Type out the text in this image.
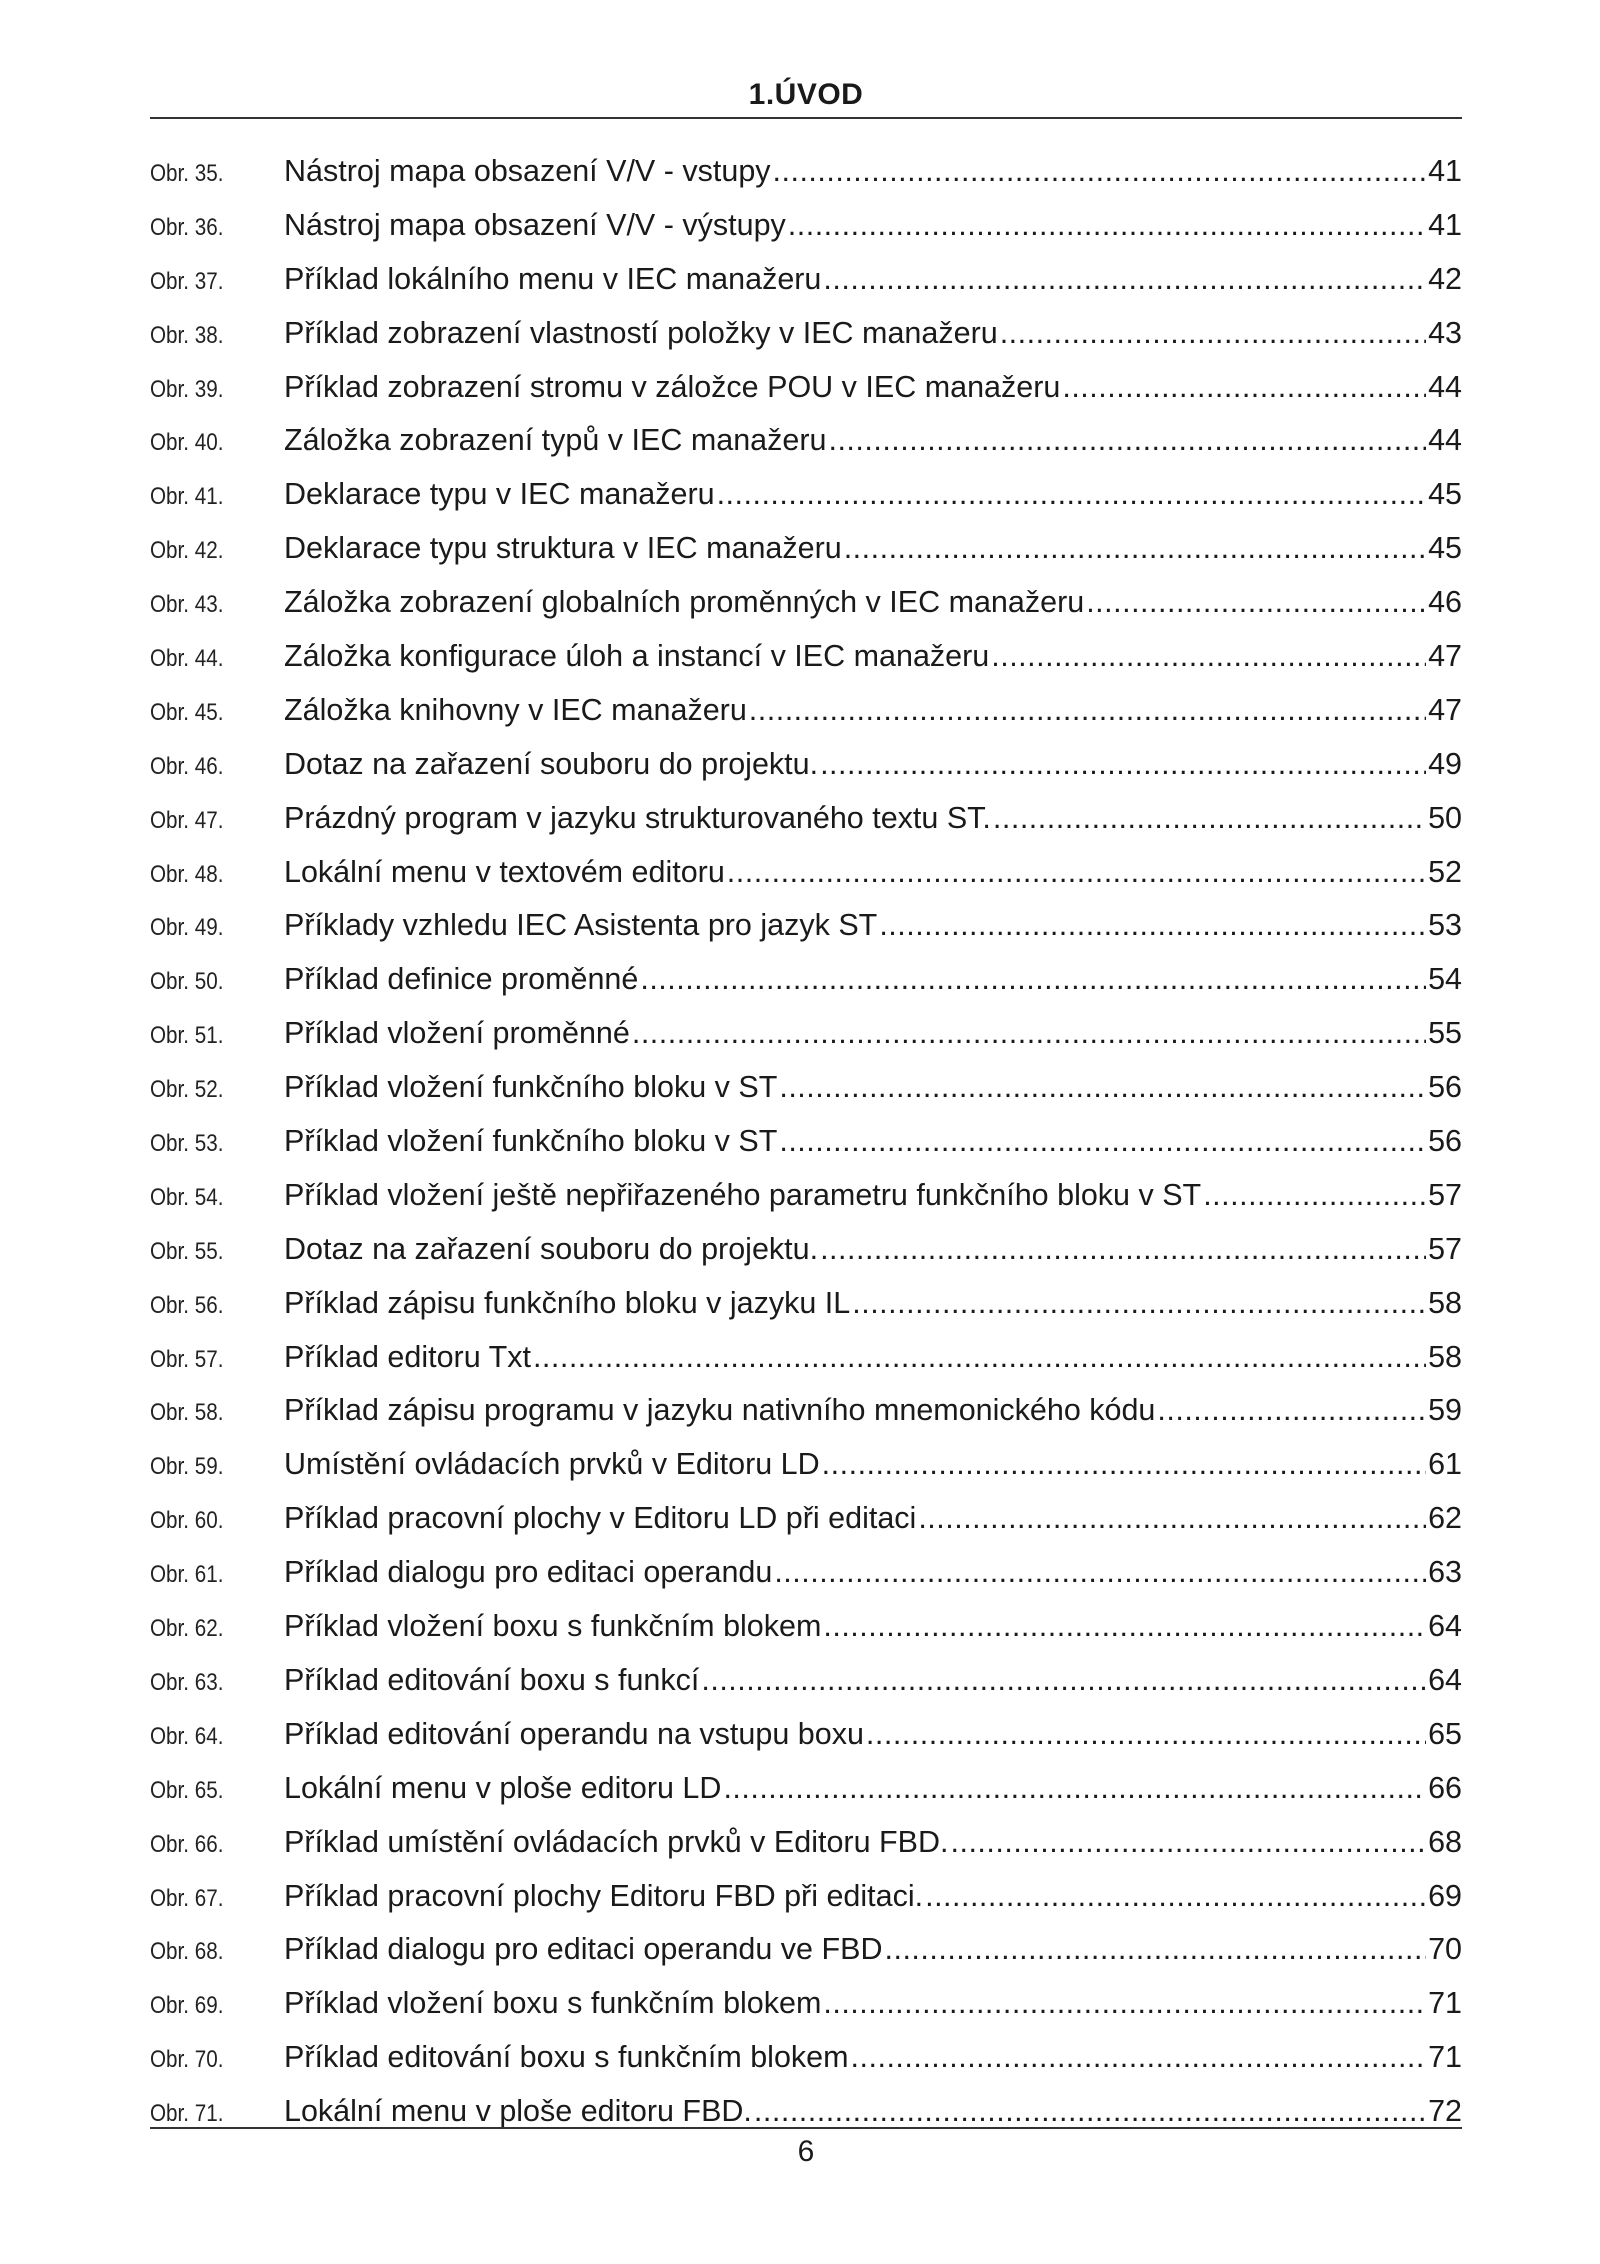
1.ÚVOD
Obr. 35.	Nástroj mapa obsazení V/V - vstupy .....	41
Obr. 36.	Nástroj mapa obsazení V/V - výstupy .....	41
Obr. 37.	Příklad lokálního menu v IEC manažeru .....	42
Obr. 38.	Příklad zobrazení vlastností položky v IEC manažeru .....	43
Obr. 39.	Příklad zobrazení stromu v záložce POU v IEC manažeru .....	44
Obr. 40.	Záložka zobrazení typů v IEC manažeru .....	44
Obr. 41.	Deklarace typu v IEC manažeru .....	45
Obr. 42.	Deklarace typu struktura v IEC manažeru .....	45
Obr. 43.	Záložka zobrazení globalních proměnných v IEC manažeru .....	46
Obr. 44.	Záložka konfigurace úloh a instancí v IEC manažeru .....	47
Obr. 45.	Záložka knihovny v IEC manažeru .....	47
Obr. 46.	Dotaz na zařazení souboru do projektu. .....	49
Obr. 47.	Prázdný program v jazyku strukturovaného textu ST. .....	50
Obr. 48.	Lokální menu v textovém editoru .....	52
Obr. 49.	Příklady vzhledu IEC Asistenta pro jazyk ST .....	53
Obr. 50.	Příklad definice proměnné .....	54
Obr. 51.	Příklad vložení proměnné .....	55
Obr. 52.	Příklad vložení funkčního bloku v ST .....	56
Obr. 53.	Příklad vložení funkčního bloku v ST .....	56
Obr. 54.	Příklad vložení ještě nepřiřazeného parametru funkčního bloku v ST .....	57
Obr. 55.	Dotaz na zařazení souboru do projektu. .....	57
Obr. 56.	Příklad zápisu funkčního bloku v jazyku IL .....	58
Obr. 57.	Příklad editoru Txt .....	58
Obr. 58.	Příklad zápisu programu v jazyku nativního mnemonického kódu .....	59
Obr. 59.	Umístění ovládacích prvků v Editoru LD .....	61
Obr. 60.	Příklad pracovní plochy v Editoru LD při editaci .....	62
Obr. 61.	Příklad dialogu pro editaci operandu .....	63
Obr. 62.	Příklad vložení boxu s funkčním blokem .....	64
Obr. 63.	Příklad editování boxu s funkcí .....	64
Obr. 64.	Příklad editování operandu na vstupu boxu .....	65
Obr. 65.	Lokální menu v ploše editoru LD .....	66
Obr. 66.	Příklad umístění ovládacích prvků v Editoru FBD. .....	68
Obr. 67.	Příklad pracovní plochy Editoru FBD při editaci. .....	69
Obr. 68.	Příklad dialogu pro editaci operandu ve FBD .....	70
Obr. 69.	Příklad vložení boxu s funkčním blokem .....	71
Obr. 70.	Příklad editování boxu s funkčním blokem .....	71
Obr. 71.	Lokální menu v ploše editoru FBD. .....	72
6
